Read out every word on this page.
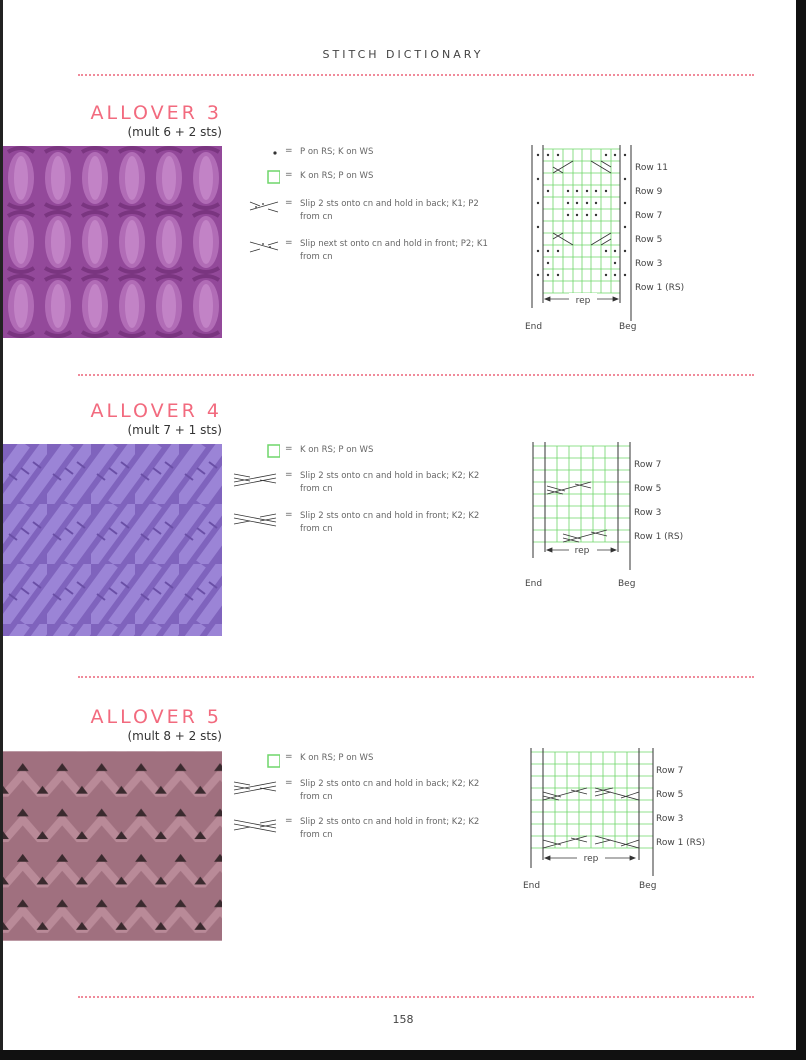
STITCH DICTIONARY
ALLOVER 3
(mult 6 + 2 sts)
= P on RS; K on WS
= K on RS; P on WS
= Slip 2 sts onto cn and hold in back; K1; P2 from cn
= Slip next st onto cn and hold in front; P2; K1 from cn
rep
Row 11
Row 9
Row 7
Row 5
Row 3
Row 1 (RS)
End	Beg
ALLOVER 4
(mult 7 + 1 sts)
= K on RS; P on WS
= Slip 2 sts onto cn and hold in back; K2; K2 from cn
= Slip 2 sts onto cn and hold in front; K2; K2 from cn
rep
Row 7
Row 5
Row 3
Row 1 (RS)
End	Beg
ALLOVER 5
(mult 8 + 2 sts)
= K on RS; P on WS
= Slip 2 sts onto cn and hold in back; K2; K2 from cn
= Slip 2 sts onto cn and hold in front; K2; K2 from cn
rep
Row 7
Row 5
Row 3
Row 1 (RS)
End	Beg
158
